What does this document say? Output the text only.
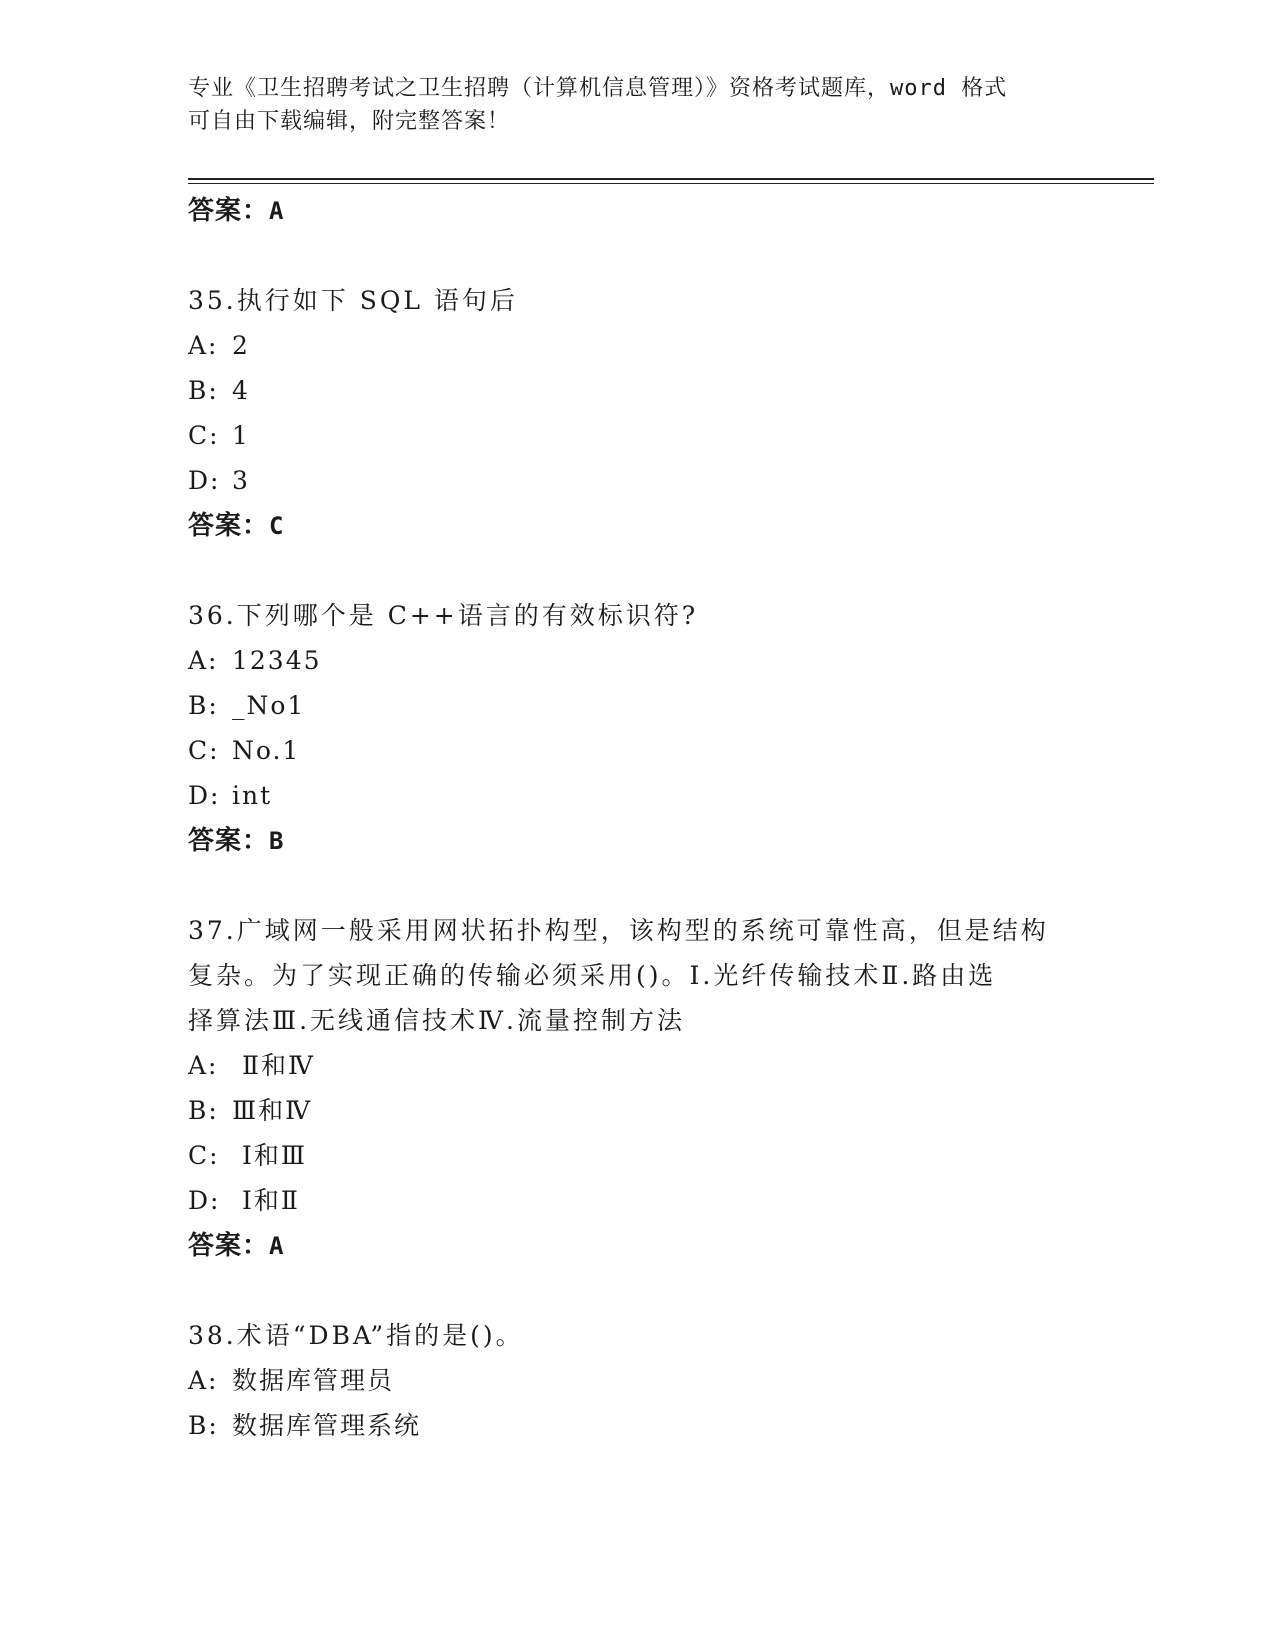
专业《卫生招聘考试之卫生招聘（计算机信息管理）》资格考试题库，word 格式
可自由下载编辑，附完整答案！
答案：A
35.执行如下 SQL 语句后
A: 2
B: 4
C: 1
D: 3
答案：C
36.下列哪个是 C++语言的有效标识符?
A: 12345
B: _No1
C: No.1
D: int
答案：B
37.广域网一般采用网状拓扑构型，该构型的系统可靠性高，但是结构
复杂。为了实现正确的传输必须采用()。Ⅰ.光纤传输技术Ⅱ.路由选
择算法Ⅲ.无线通信技术Ⅳ.流量控制方法
A: Ⅱ和Ⅳ
B: Ⅲ和Ⅳ
C: Ⅰ和Ⅲ
D: Ⅰ和Ⅱ
答案：A
38.术语“DBA”指的是()。
A: 数据库管理员
B: 数据库管理系统
